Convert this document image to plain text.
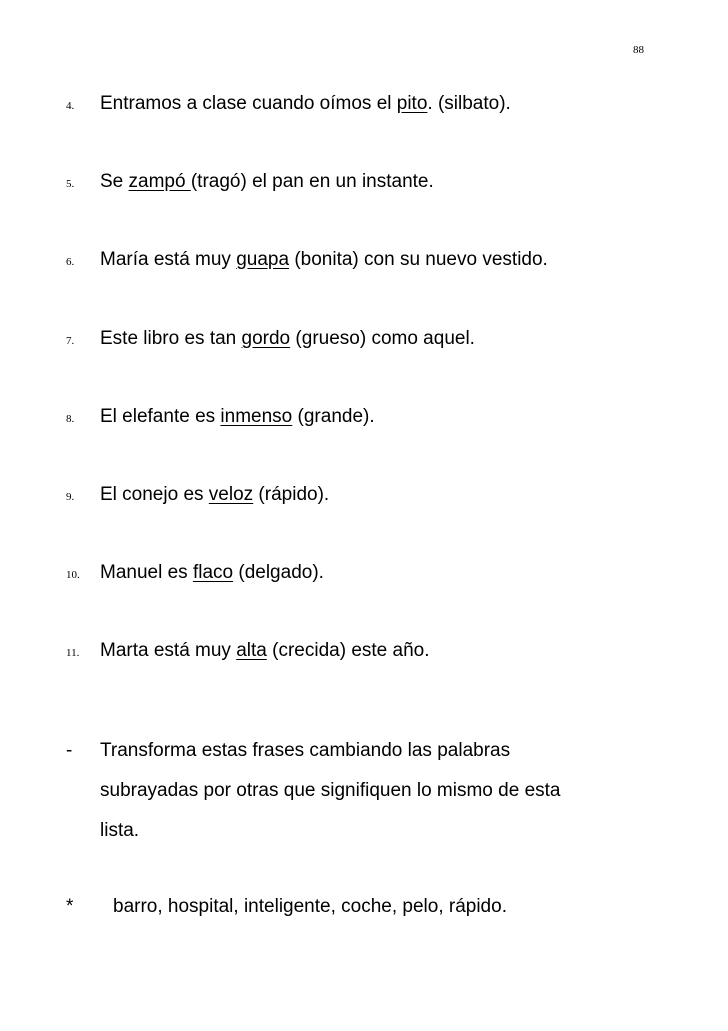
88
4. Entramos a clase cuando oímos el pito. (silbato).
5. Se zampó (tragó) el pan en un instante.
6. María está muy guapa (bonita) con su nuevo vestido.
7. Este libro es tan gordo (grueso) como aquel.
8. El elefante es inmenso (grande).
9. El conejo es veloz (rápido).
10. Manuel es flaco (delgado).
11. Marta está muy alta (crecida) este año.
- Transforma estas frases cambiando las palabras
subrayadas por otras que signifiquen lo mismo de esta
lista.
* barro, hospital, inteligente, coche, pelo, rápido.
